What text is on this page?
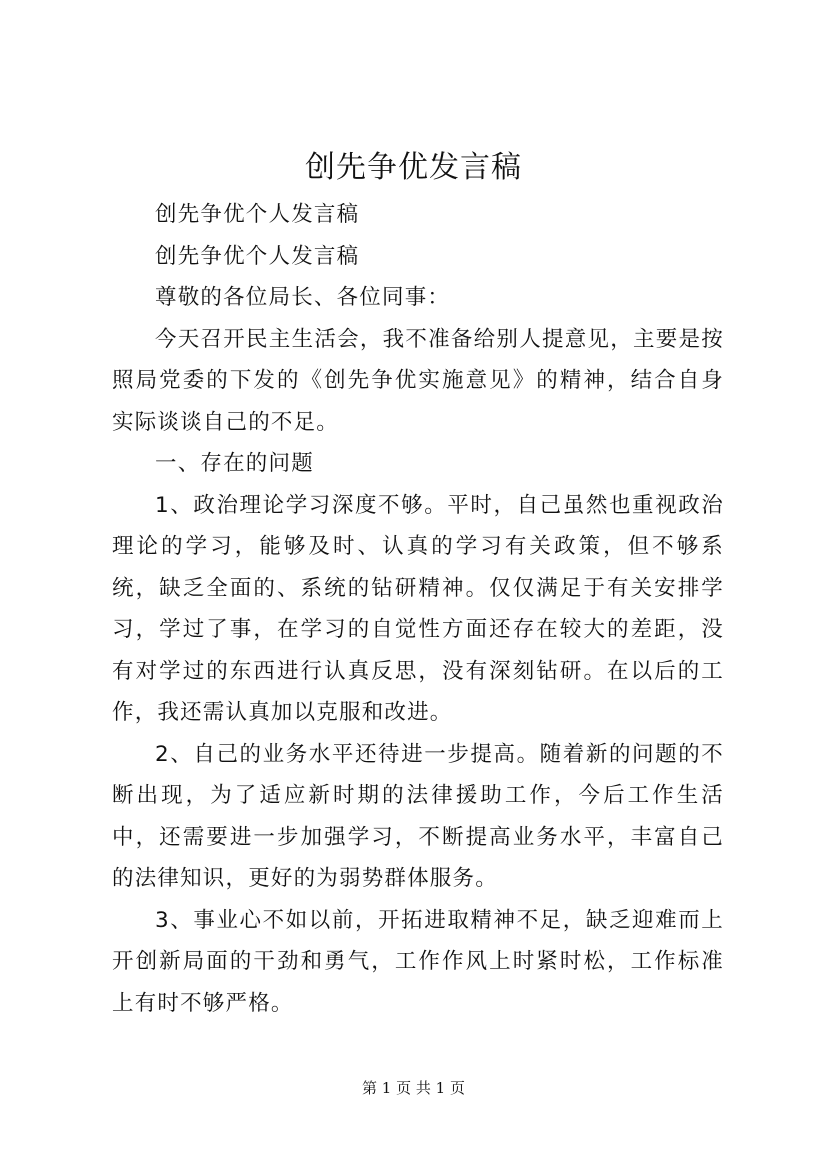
创先争优发言稿

创先争优个人发言稿

创先争优个人发言稿

尊敬的各位局长、各位同事：

今天召开民主生活会，我不准备给别人提意见，主要是按照局党委的下发的《创先争优实施意见》的精神，结合自身实际谈谈自己的不足。

一、存在的问题

1、政治理论学习深度不够。平时，自己虽然也重视政治理论的学习，能够及时、认真的学习有关政策，但不够系统，缺乏全面的、系统的钻研精神。仅仅满足于有关安排学习，学过了事，在学习的自觉性方面还存在较大的差距，没有对学过的东西进行认真反思，没有深刻钻研。在以后的工作，我还需认真加以克服和改进。

2、自己的业务水平还待进一步提高。随着新的问题的不断出现，为了适应新时期的法律援助工作，今后工作生活中，还需要进一步加强学习，不断提高业务水平，丰富自己的法律知识，更好的为弱势群体服务。

3、事业心不如以前，开拓进取精神不足，缺乏迎难而上开创新局面的干劲和勇气，工作作风上时紧时松，工作标准上有时不够严格。

第 1 页 共 1 页
